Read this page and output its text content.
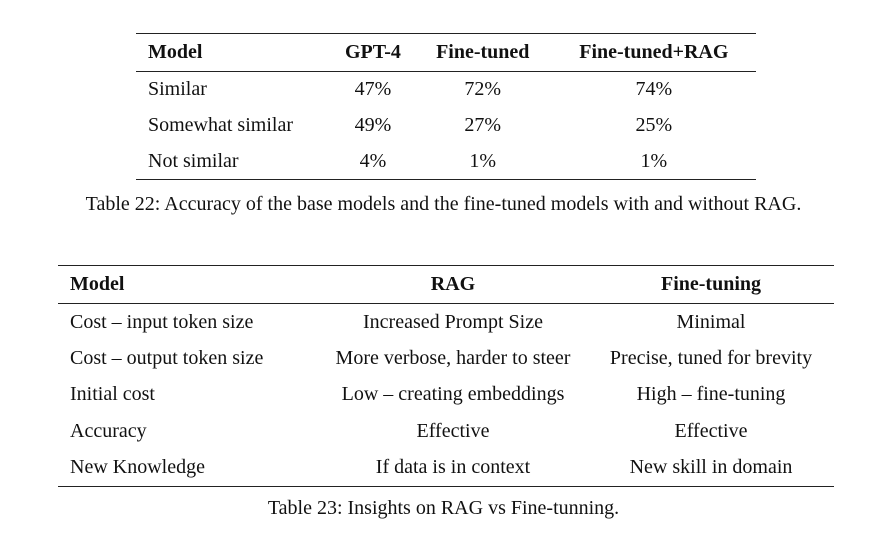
Model	GPT-4	Fine-tuned	Fine-tuned+RAG
Similar	47%	72%	74%
Somewhat similar	49%	27%	25%
Not similar	4%	1%	1%
Table 22: Accuracy of the base models and the fine-tuned models with and without RAG.
Model	RAG	Fine-tuning
Cost – input token size	Increased Prompt Size	Minimal
Cost – output token size	More verbose, harder to steer	Precise, tuned for brevity
Initial cost	Low – creating embeddings	High – fine-tuning
Accuracy	Effective	Effective
New Knowledge	If data is in context	New skill in domain
Table 23: Insights on RAG vs Fine-tunning.
